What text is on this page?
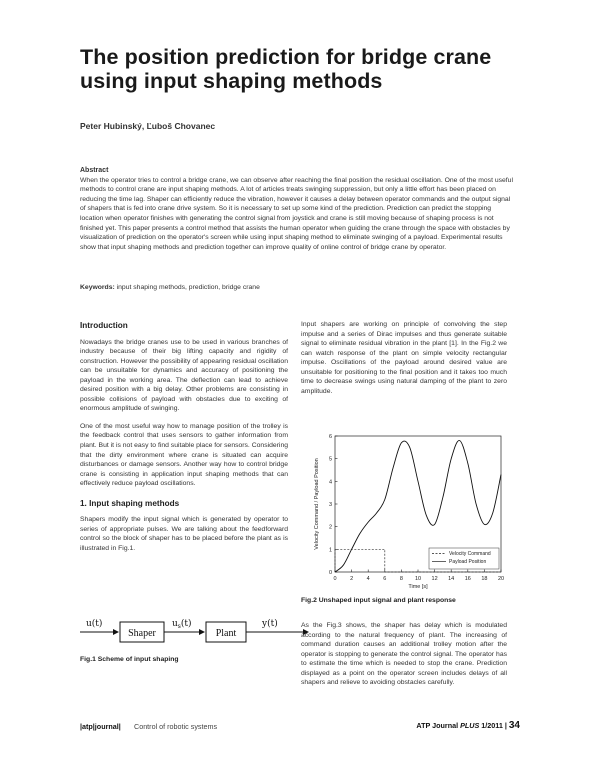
The position prediction for bridge crane using input shaping methods
Peter Hubinský, Ľuboš Chovanec
Abstract
When the operator tries to control a bridge crane, we can observe after reaching the final position the residual oscillation. One of the most useful methods to control crane are input shaping methods. A lot of articles treats swinging suppression, but only a little effort has been placed on reducing the time lag. Shaper can efficiently reduce the vibration, however it causes a delay between operator commands and the output signal of shapers that is fed into crane drive system. So it is necessary to set up some kind of the prediction. Prediction can predict the stopping location when operator finishes with generating the control signal from joystick and crane is still moving because of shaping process is not finished yet. This paper presents a control method that assists the human operator when guiding the crane through the space with obstacles by visualization of prediction on the operator's screen while using input shaping method to eliminate swinging of a payload. Experimental results show that input shaping methods and prediction together can improve quality of online control of bridge crane by operator.
Keywords: input shaping methods, prediction, bridge crane
Introduction
Nowadays the bridge cranes use to be used in various branches of industry because of their big lifting capacity and rigidity of construction. However the possibility of appearing residual oscillation can be unsuitable for dynamics and accuracy of positioning the payload in the working area. The deflection can lead to achieve desired position with a big delay. Other problems are consisting in possible collisions of payload with obstacles due to exciting of enormous amplitude of swinging.
One of the most useful way how to manage position of the trolley is the feedback control that uses sensors to gather information from plant. But it is not easy to find suitable place for sensors. Considering that the dirty environment where crane is situated can acquire disturbances or damage sensors. Another way how to control bridge crane is consisting in application input shaping methods that can effectively reduce payload oscillations.
1. Input shaping methods
Shapers modify the input signal which is generated by operator to series of appropriate pulses. We are talking about the feedforward control so the block of shaper has to be placed before the plant as is illustrated in Fig.1.
Input shapers are working on principle of convolving the step impulse and a series of Dirac impulses and thus generate suitable signal to eliminate residual vibration in the plant [1]. In the Fig.2 we can watch response of the plant on simple velocity rectangular impulse. Oscillations of the payload around desired value are unsuitable for positioning to the final position and it takes too much time to decrease swings using natural damping of the plant to zero amplitude.
u(t)
Shaper
$u_s(t)$
Plant
y(t)
Fig.1 Scheme of input shaping
0 2 4 6 8 10 12 14 16 18 20
0
1
2
3
4
5
6
Time [s]
Velocity Command / Payload Position
Velocity Command
Payload Position
Fig.2 Unshaped input signal and plant response
As the Fig.3 shows, the shaper has delay which is modulated according to the natural frequency of plant. The increasing of command duration causes an additional trolley motion after the operator is stopping to generate the control signal. The operator has to estimate the time which is needed to stop the crane. Prediction displayed as a point on the operator screen includes delays of all shapers and relieve to avoiding obstacles carefully.
|atp|journal| Control of robotic systems	ATP Journal PLUS 1/2011 | 34
